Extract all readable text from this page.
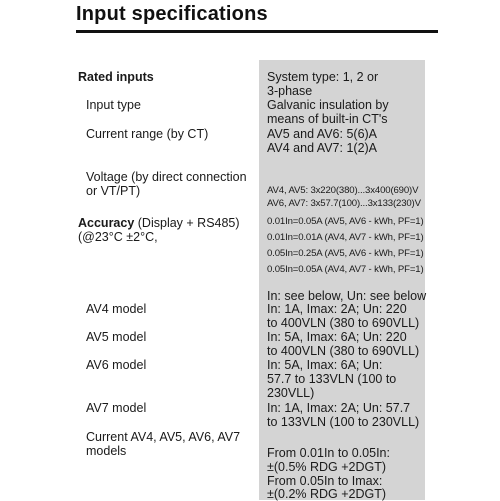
Input specifications
Rated inputs	System type: 1, 2 or
3-phase
Input type	Galvanic insulation by
means of built-in CT's
Current range (by CT)	AV5 and AV6: 5(6)A
AV4 and AV7: 1(2)A
Voltage (by direct connection
or VT/PT)	AV4, AV5: 3x220(380)...3x400(690)V
AV6, AV7: 3x57.7(100)...3x133(230)V
Accuracy (Display + RS485)
(@23°C ±2°C,
0.01In=0.05A (AV5, AV6 - kWh, PF=1)
0.01In=0.01A (AV4, AV7 - kWh, PF=1)
0.05In=0.25A (AV5, AV6 - kWh, PF=1)
0.05In=0.05A (AV4, AV7 - kWh, PF=1)
In: see below, Un: see below
AV4 model	In: 1A, Imax: 2A; Un: 220
to 400VLN (380 to 690VLL)
AV5 model	In: 5A, Imax: 6A; Un: 220
to 400VLN (380 to 690VLL)
AV6 model	In: 5A, Imax: 6A; Un:
57.7 to 133VLN (100 to
230VLL)
AV7 model	In: 1A, Imax: 2A; Un: 57.7
to 133VLN (100 to 230VLL)
Current AV4, AV5, AV6, AV7
models	From 0.01In to 0.05In:
±(0.5% RDG +2DGT)
From 0.05In to Imax:
±(0.2% RDG +2DGT)
